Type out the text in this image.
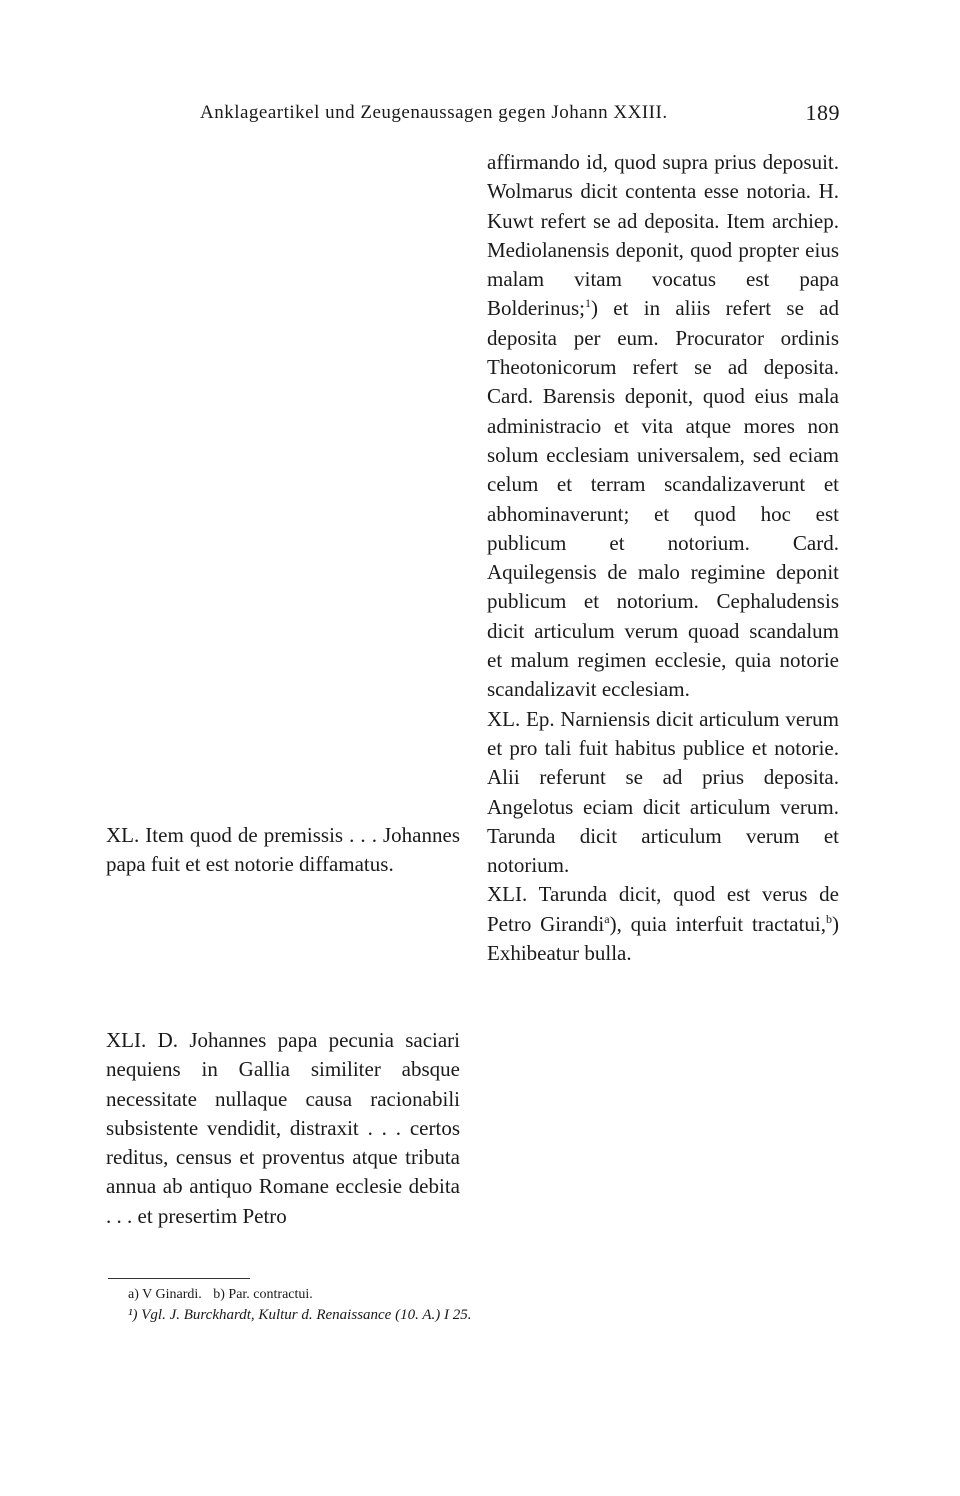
Anklageartikel und Zeugenaussagen gegen Johann XXIII.	189

affirmando id, quod supra prius deposuit. Wolmarus dicit contenta esse notoria. H. Kuwt refert se ad deposita. Item archiep. Mediolanensis deponit, quod propter eius malam vitam vocatus est papa Bolderinus;$^1$) et in aliis refert se ad deposita per eum. Procurator ordinis Theotonicorum refert se ad deposita. Card. Barensis deponit, quod eius mala administracio et vita atque mores non solum ecclesiam universalem, sed eciam celum et terram scandalizaverunt et abhominaverunt; et quod hoc est publicum et notorium. Card. Aquilegensis de malo regimine deponit publicum et notorium. Cephaludensis dicit articulum verum quoad scandalum et malum regimen ecclesie, quia notorie scandalizavit ecclesiam.

XL. Ep. Narniensis dicit articulum verum et pro tali fuit habitus publice et notorie. Alii referunt se ad prius deposita. Angelotus eciam dicit articulum verum. Tarunda dicit articulum verum et notorium.

XLI. Tarunda dicit, quod est verus de Petro Girandi$^a$), quia interfuit tractatui,$^b$) Exhibeatur bulla.

XL. Item quod de premissis . . . Johannes papa fuit et est notorie diffamatus.

XLI. D. Johannes papa pecunia saciari nequiens in Gallia similiter absque necessitate nullaque causa racionabili subsistente vendidit, distraxit . . . certos reditus, census et proventus atque tributa annua ab antiquo Romane ecclesie debita . . . et presertim Petro

a) V Ginardi. b) Par. contractui.
¹) Vgl. J. Burckhardt, Kultur d. Renaissance (10. A.) I 25.
